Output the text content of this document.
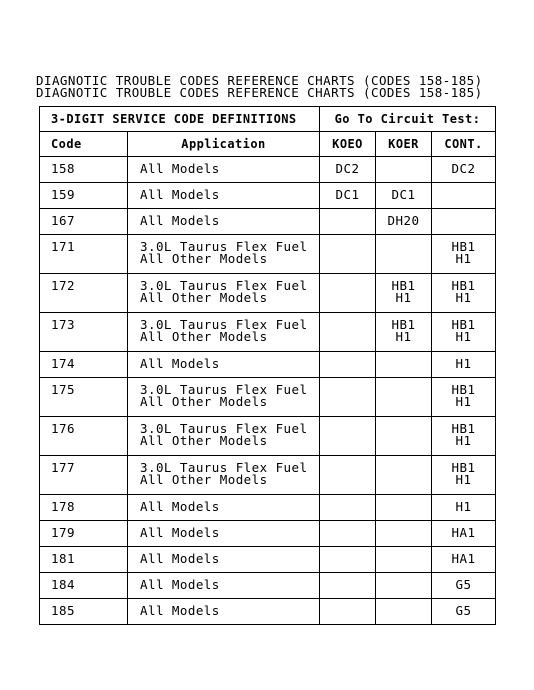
DIAGNOTIC TROUBLE CODES REFERENCE CHARTS (CODES 158-185)
DIAGNOTIC TROUBLE CODES REFERENCE CHARTS (CODES 158-185)
3-DIGIT SERVICE CODE DEFINITIONS		Go To Circuit Test:		
Code	Application	KOEO	KOER	CONT.
158	All Models	DC2		DC2

159	All Models	DC1	DC1	

167	All Models		DH20	

171	3.0L Taurus Flex Fuel
All Other Models			HB1
H1

172	3.0L Taurus Flex Fuel
All Other Models		HB1
H1	HB1
H1

173	3.0L Taurus Flex Fuel
All Other Models		HB1
H1	HB1
H1

174	All Models			H1

175	3.0L Taurus Flex Fuel
All Other Models			HB1
H1

176	3.0L Taurus Flex Fuel
All Other Models			HB1
H1

177	3.0L Taurus Flex Fuel
All Other Models			HB1
H1

178	All Models			H1

179	All Models			HA1

181	All Models			HA1

184	All Models			G5

185	All Models			G5
